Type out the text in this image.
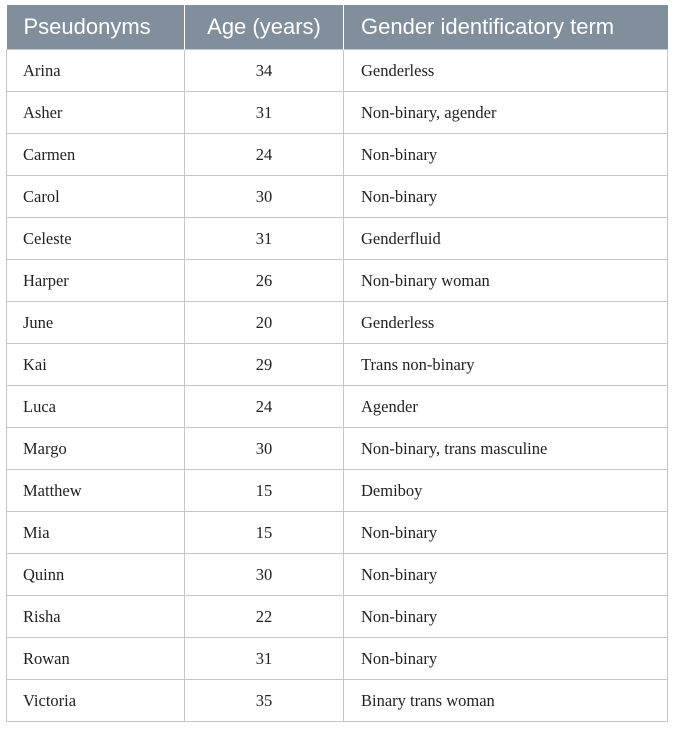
Pseudonyms	Age (years)	Gender identificatory term
Arina	34	Genderless
Asher	31	Non-binary, agender
Carmen	24	Non-binary
Carol	30	Non-binary
Celeste	31	Genderfluid
Harper	26	Non-binary woman
June	20	Genderless
Kai	29	Trans non-binary
Luca	24	Agender
Margo	30	Non-binary, trans masculine
Matthew	15	Demiboy
Mia	15	Non-binary
Quinn	30	Non-binary
Risha	22	Non-binary
Rowan	31	Non-binary
Victoria	35	Binary trans woman
